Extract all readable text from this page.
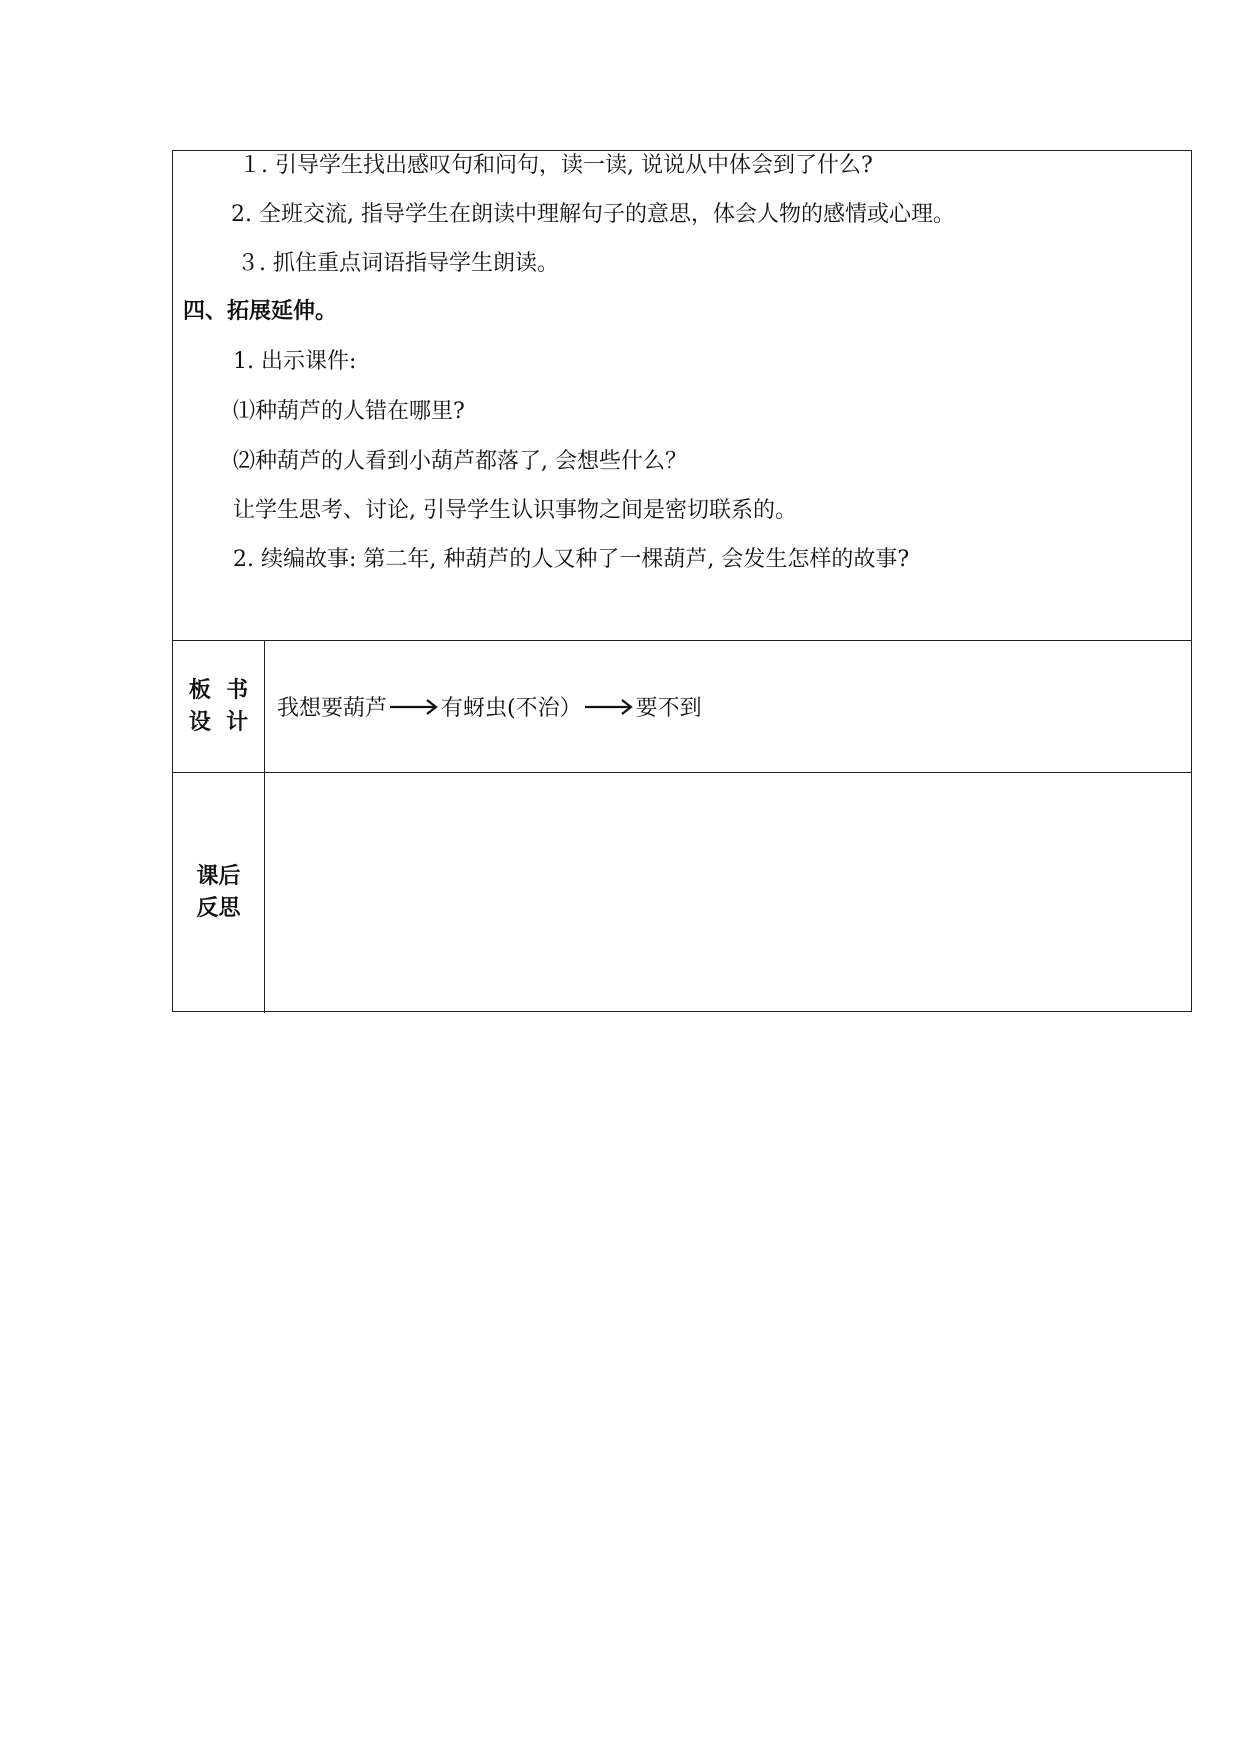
１. 引导学生找出感叹句和问句，读一读, 说说从中体会到了什么?
2. 全班交流, 指导学生在朗读中理解句子的意思，体会人物的感情或心理。
３. 抓住重点词语指导学生朗读。
四、拓展延伸。
1. 出示课件:
⑴种葫芦的人错在哪里?
⑵种葫芦的人看到小葫芦都落了, 会想些什么？
让学生思考、讨论, 引导学生认识事物之间是密切联系的。
2. 续编故事: 第二年, 种葫芦的人又种了一棵葫芦, 会发生怎样的故事?
板  书
设  计
我想要葫芦 有蚜虫(不治） 要不到
课后
反思
